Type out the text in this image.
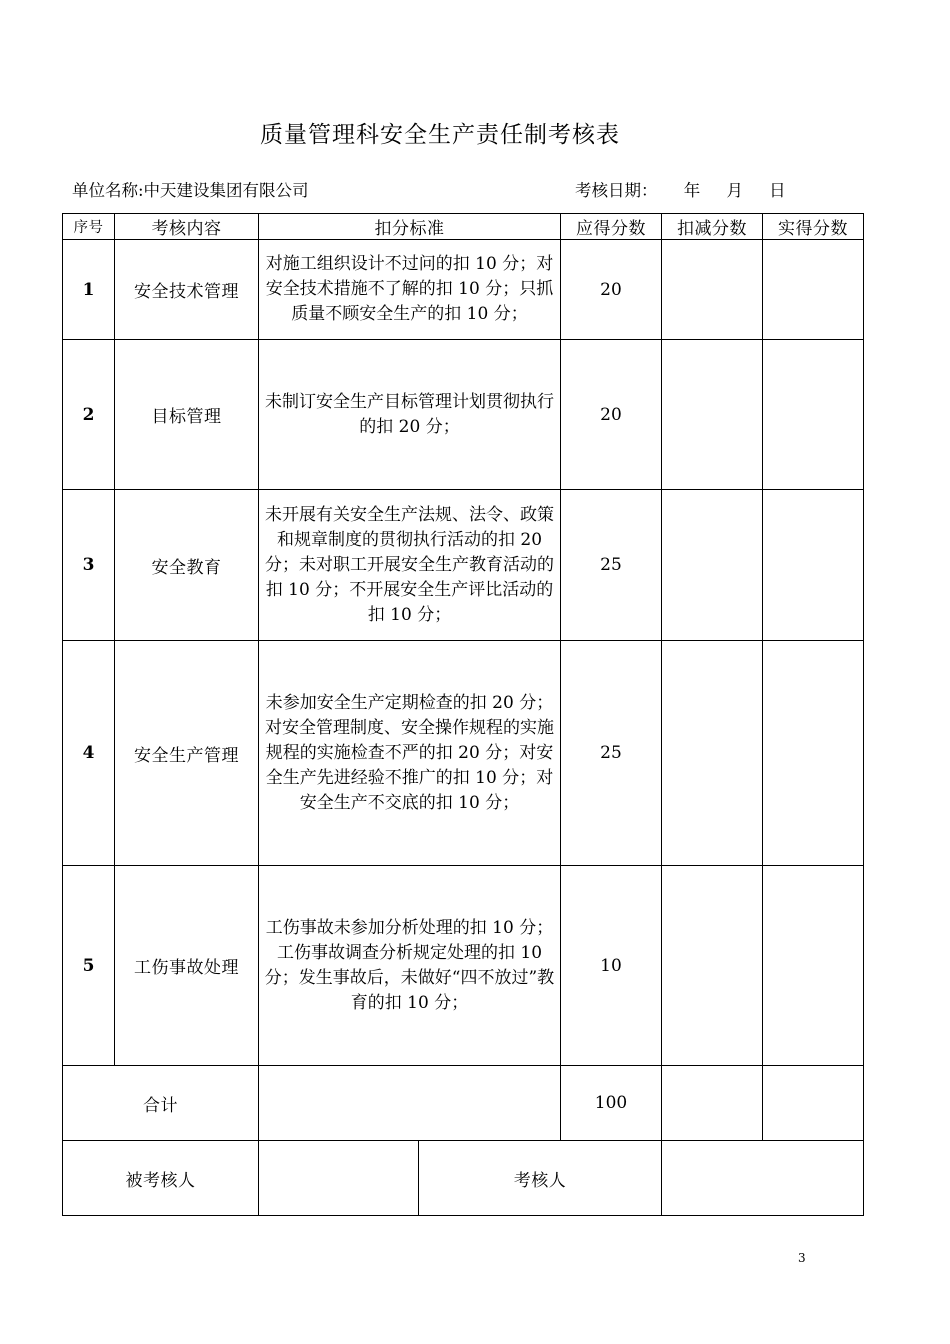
质量管理科安全生产责任制考核表
单位名称:中天建设集团有限公司	考核日期：     年     月     日
序号	考核内容	扣分标准		应得分数	扣减分数	实得分数
1	安全技术管理	对施工组织设计不过问的扣 10 分；对安全技术措施不了解的扣 10 分；只抓质量不顾安全生产的扣 10 分；		20		
2	目标管理	未制订安全生产目标管理计划贯彻执行的扣 20 分；		20		
3	安全教育	未开展有关安全生产法规、法令、政策和规章制度的贯彻执行活动的扣 20 分；未对职工开展安全生产教育活动的扣 10 分；不开展安全生产评比活动的扣 10 分；		25		
4	安全生产管理	未参加安全生产定期检查的扣 20 分；对安全管理制度、安全操作规程的实施规程的实施检查不严的扣 20 分；对安全生产先进经验不推广的扣 10 分；对安全生产不交底的扣 10 分；		25		
5	工伤事故处理	工伤事故未参加分析处理的扣 10 分；工伤事故调查分析规定处理的扣 10 分；发生事故后，未做好“四不放过”教育的扣 10 分；		10		
合计				100		
被考核人			考核人			
3
